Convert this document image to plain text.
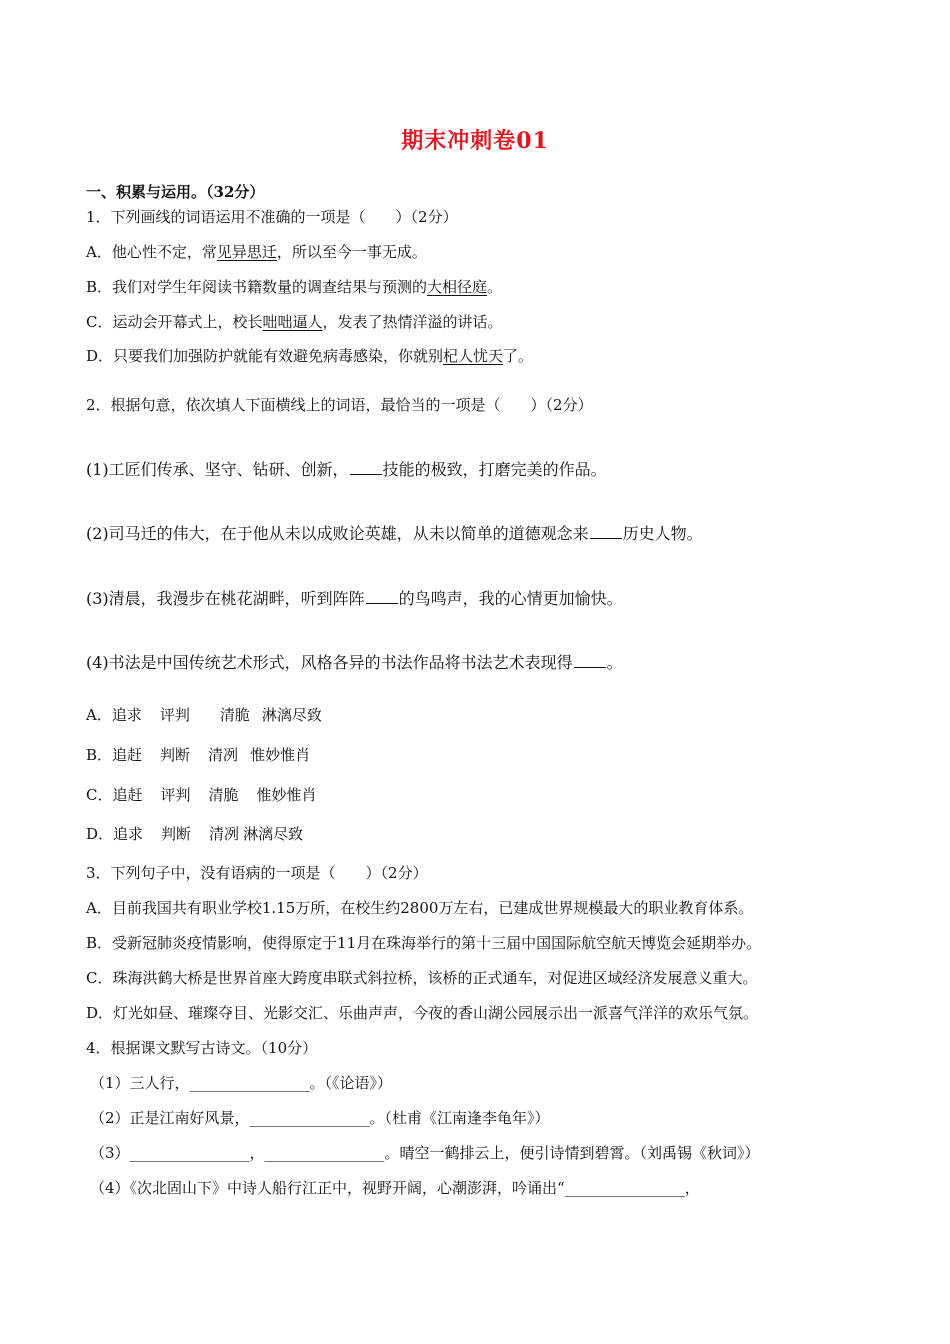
期末冲刺卷01
一、积累与运用。（32分）
1．下列画线的词语运用不准确的一项是（　　）（2分）
A．他心性不定，常见异思迁，所以至今一事无成。
B．我们对学生年阅读书籍数量的调查结果与预测的大相径庭。
C．运动会开幕式上，校长咄咄逼人，发表了热情洋溢的讲话。
D．只要我们加强防护就能有效避免病毒感染，你就别杞人忧天了。
2．根据句意，依次填人下面横线上的词语，最恰当的一项是（　　）（2分）
(1)工匠们传承、坚守、钻研、创新， 技能的极致，打磨完美的作品。
(2)司马迁的伟大，在于他从未以成败论英雄，从未以简单的道德观念来 历史人物。
(3)清晨，我漫步在桃花湖畔，听到阵阵 的鸟鸣声，我的心情更加愉快。
(4)书法是中国传统艺术形式，风格各异的书法作品将书法艺术表现得 。
A．追求 评判 清脆 淋漓尽致
B．追赶 判断 清冽 惟妙惟肖
C．追赶 评判 清脆 惟妙惟肖
D．追求 判断 清冽 淋漓尽致
3．下列句子中，没有语病的一项是（　　）（2分）
A．目前我国共有职业学校1.15万所，在校生约2800万左右，已建成世界规模最大的职业教育体系。
B．受新冠肺炎疫情影响，使得原定于11月在珠海举行的第十三届中国国际航空航天博览会延期举办。
C．珠海洪鹤大桥是世界首座大跨度串联式斜拉桥，该桥的正式通车，对促进区域经济发展意义重大。
D．灯光如昼、璀璨夺目、光影交汇、乐曲声声，今夜的香山湖公园展示出一派喜气洋洋的欢乐气氛。
4．根据课文默写古诗文。（10分）
（1）三人行，________________。（《论语》）
（2）正是江南好风景，________________。（杜甫《江南逢李龟年》）
（3）________________，________________。晴空一鹤排云上，便引诗情到碧霄。（刘禹锡《秋词》）
（4）《次北固山下》中诗人船行江正中，视野开阔，心潮澎湃，吟诵出“________________，
